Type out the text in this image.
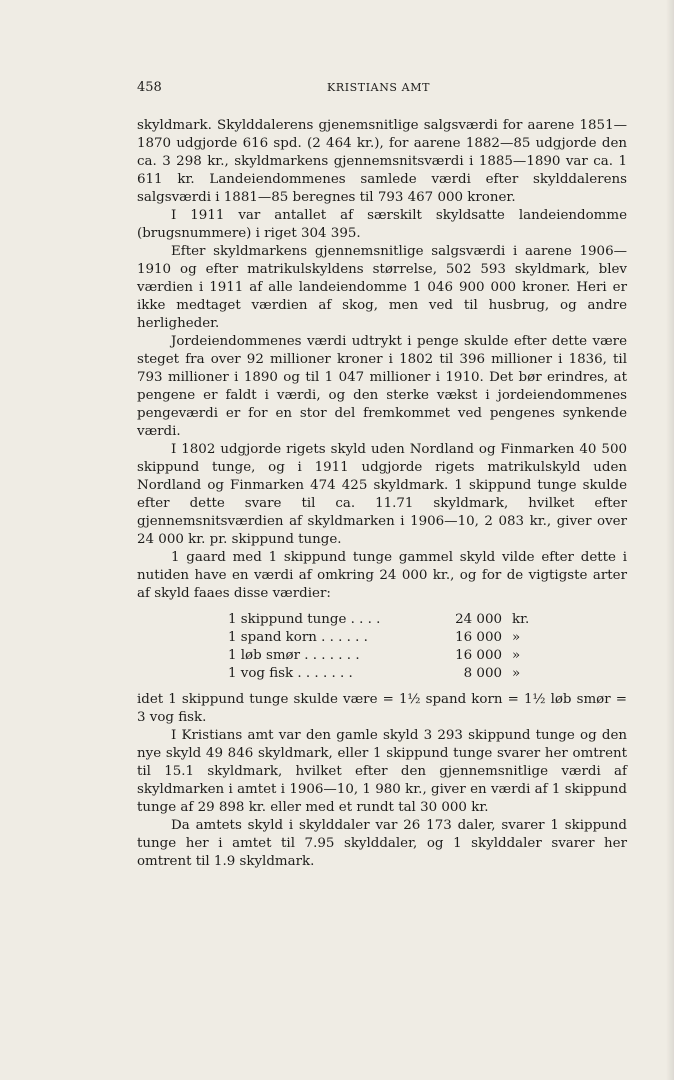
458	KRISTIANS AMT

skyldmark. Skylddalerens gjenemsnitlige salgsværdi for aarene 1851—1870 udgjorde 616 spd. (2 464 kr.), for aarene 1882—85 udgjorde den ca. 3 298 kr., skyldmarkens gjennemsnitsværdi i 1885—1890 var ca. 1 611 kr. Landeiendommenes samlede værdi efter skylddalerens salgsværdi i 1881—85 beregnes til 793 467 000 kroner.

I 1911 var antallet af særskilt skyldsatte landeiendomme (brugsnummere) i riget 304 395.

Efter skyldmarkens gjennemsnitlige salgsværdi i aarene 1906—1910 og efter matrikulskyldens størrelse, 502 593 skyldmark, blev værdien i 1911 af alle landeiendomme 1 046 900 000 kroner. Heri er ikke medtaget værdien af skog, men ved til husbrug, og andre herligheder.

Jordeiendommenes værdi udtrykt i penge skulde efter dette være steget fra over 92 millioner kroner i 1802 til 396 millioner i 1836, til 793 millioner i 1890 og til 1 047 millioner i 1910. Det bør erindres, at pengene er faldt i værdi, og den sterke vækst i jordeiendommenes pengeværdi er for en stor del fremkommet ved pengenes synkende værdi.

I 1802 udgjorde rigets skyld uden Nordland og Finmarken 40 500 skippund tunge, og i 1911 udgjorde rigets matrikulskyld uden Nordland og Finmarken 474 425 skyldmark. 1 skippund tunge skulde efter dette svare til ca. 11.71 skyldmark, hvilket efter gjennemsnitsværdien af skyldmarken i 1906—10, 2 083 kr., giver over 24 000 kr. pr. skippund tunge.

1 gaard med 1 skippund tunge gammel skyld vilde efter dette i nutiden have en værdi af omkring 24 000 kr., og for de vigtigste arter af skyld faaes disse værdier:

1 skippund tunge . . . .	24 000 kr.
1 spand korn . . . . . .	16 000 »
1 løb smør . . . . . . .	16 000 »
1 vog fisk . . . . . . .	8 000 »

idet 1 skippund tunge skulde være = 1½ spand korn = 1½ løb smør = 3 vog fisk.

I Kristians amt var den gamle skyld 3 293 skippund tunge og den nye skyld 49 846 skyldmark, eller 1 skippund tunge svarer her omtrent til 15.1 skyldmark, hvilket efter den gjennemsnitlige værdi af skyldmarken i amtet i 1906—10, 1 980 kr., giver en værdi af 1 skippund tunge af 29 898 kr. eller med et rundt tal 30 000 kr.

Da amtets skyld i skylddaler var 26 173 daler, svarer 1 skippund tunge her i amtet til 7.95 skylddaler, og 1 skylddaler svarer her omtrent til 1.9 skyldmark.
